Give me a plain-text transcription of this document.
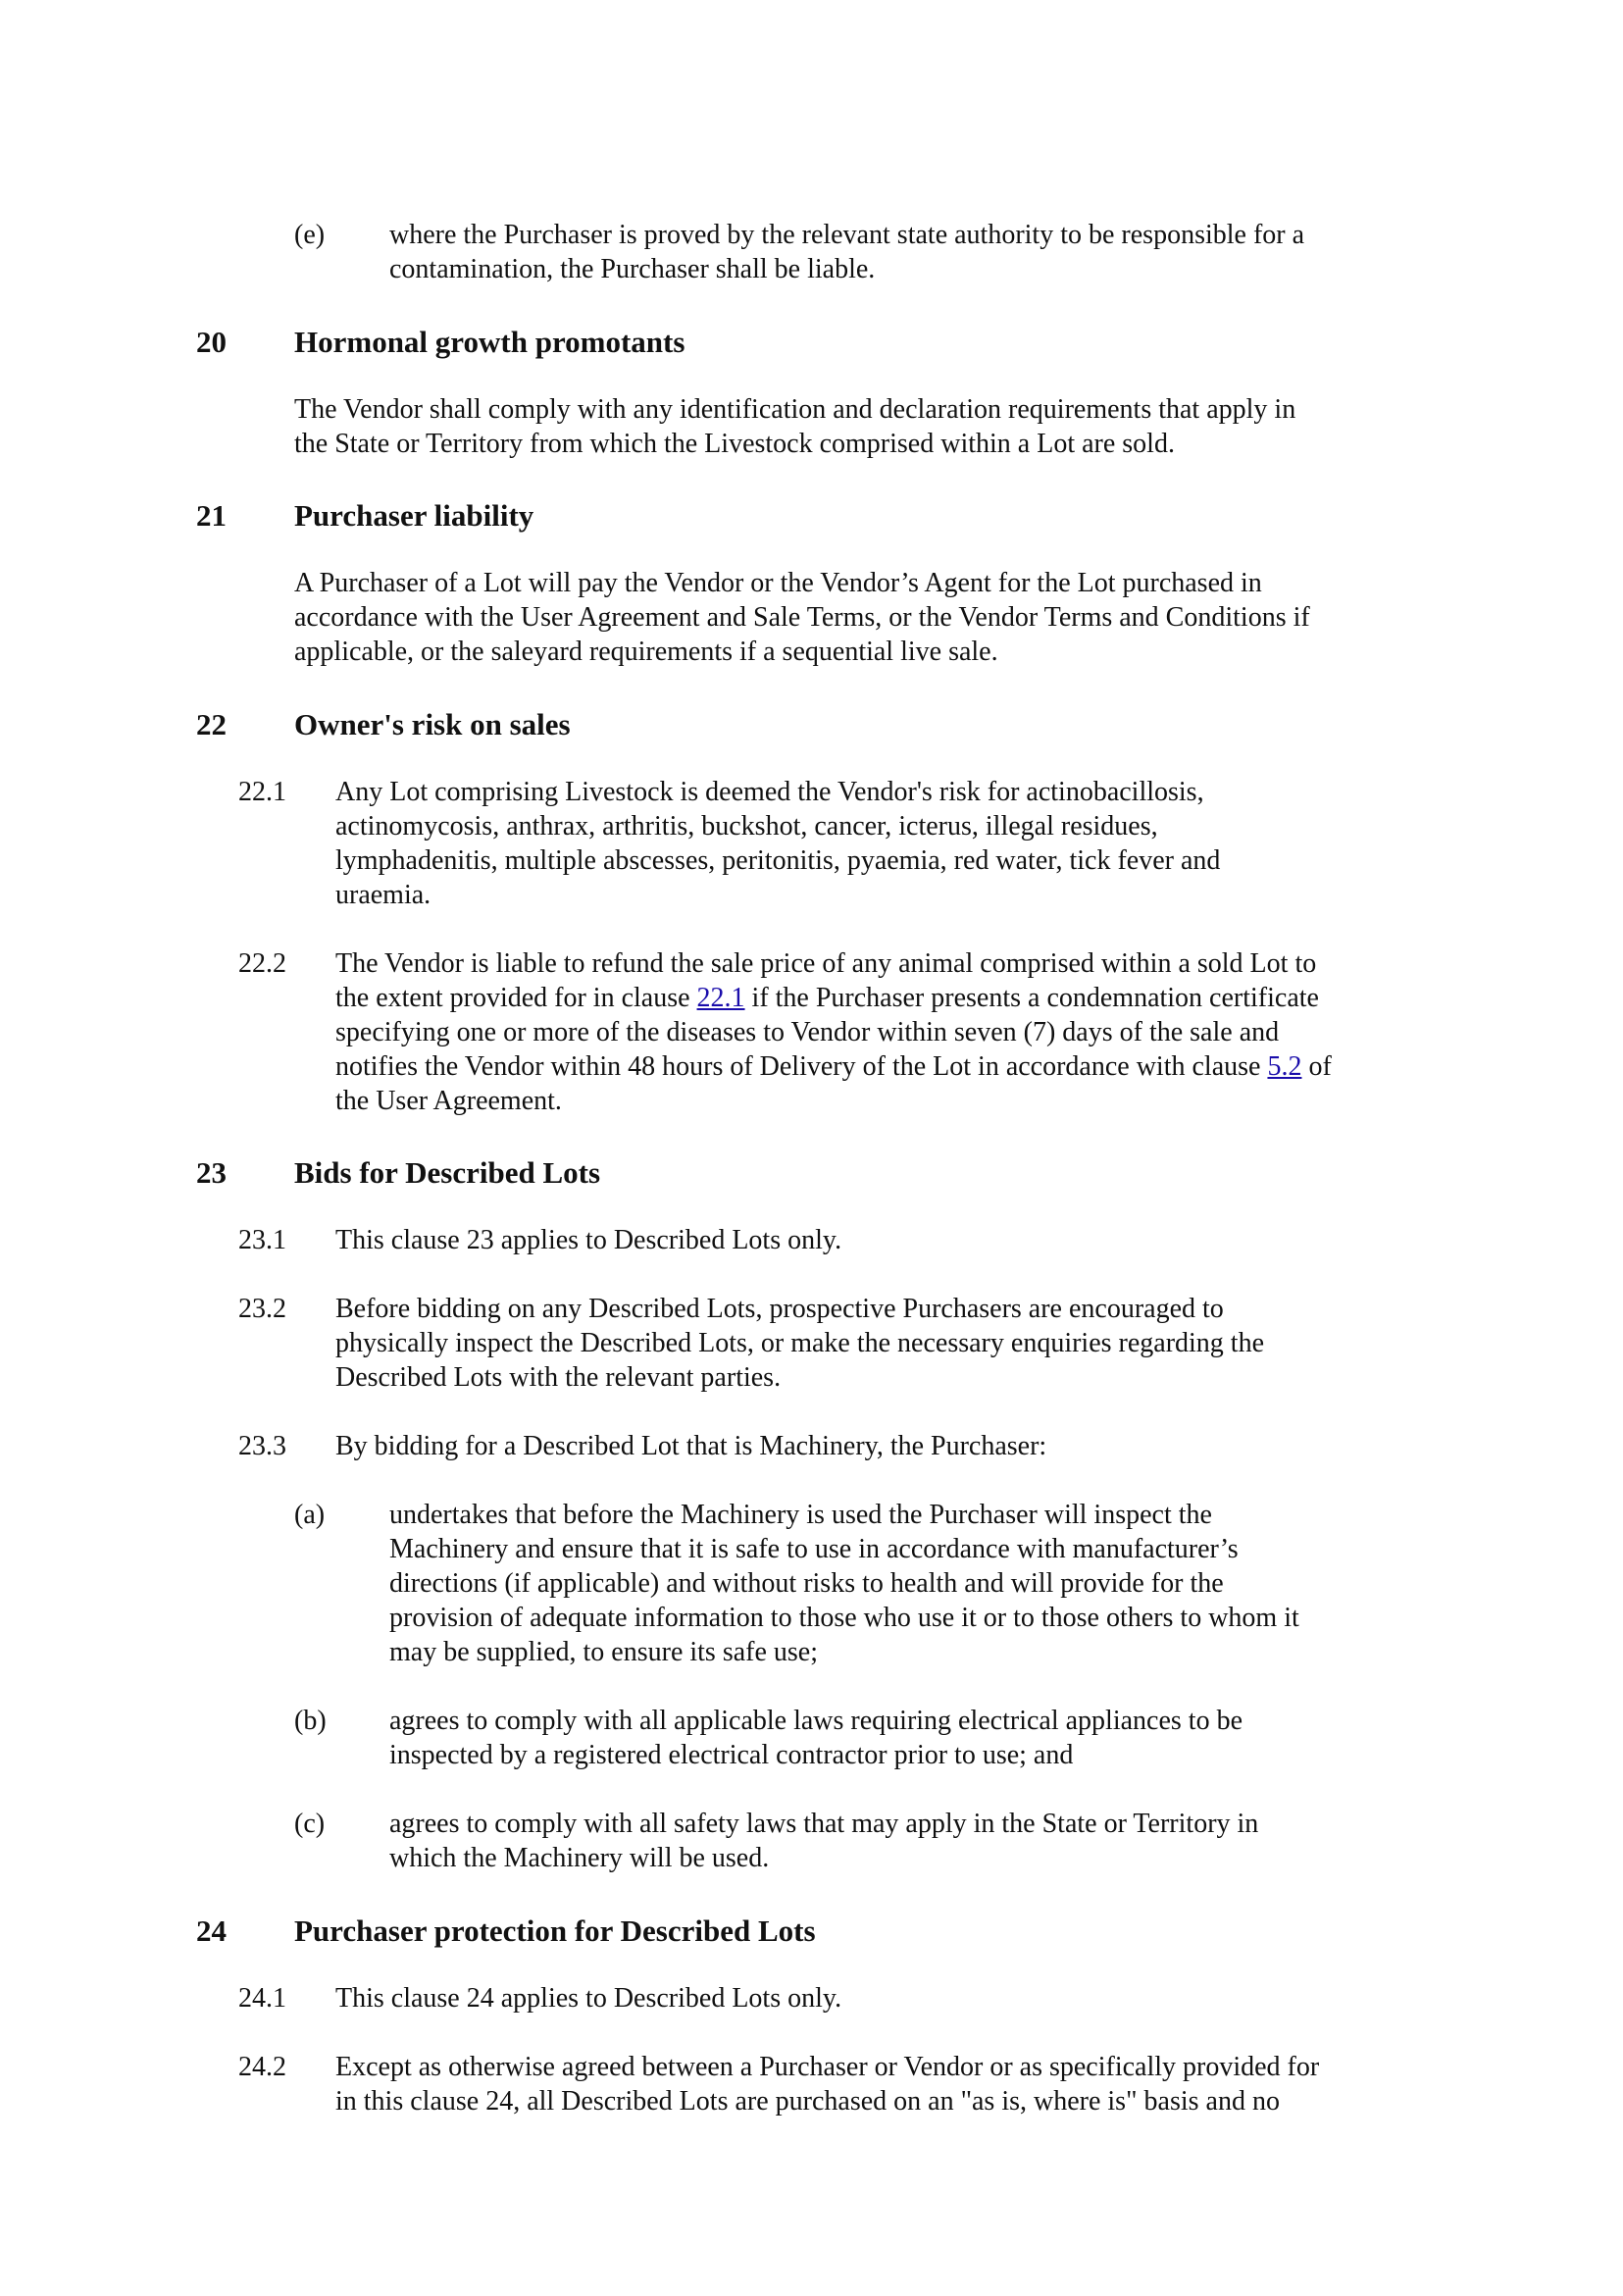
(e) where the Purchaser is proved by the relevant state authority to be responsible for a
contamination, the Purchaser shall be liable.
20 Hormonal growth promotants
The Vendor shall comply with any identification and declaration requirements that apply in
the State or Territory from which the Livestock comprised within a Lot are sold.
21 Purchaser liability
A Purchaser of a Lot will pay the Vendor or the Vendor’s Agent for the Lot purchased in
accordance with the User Agreement and Sale Terms, or the Vendor Terms and Conditions if
applicable, or the saleyard requirements if a sequential live sale.
22 Owner's risk on sales
22.1 Any Lot comprising Livestock is deemed the Vendor's risk for actinobacillosis,
actinomycosis, anthrax, arthritis, buckshot, cancer, icterus, illegal residues,
lymphadenitis, multiple abscesses, peritonitis, pyaemia, red water, tick fever and
uraemia.
22.2 The Vendor is liable to refund the sale price of any animal comprised within a sold Lot to
the extent provided for in clause 22.1 if the Purchaser presents a condemnation certificate
specifying one or more of the diseases to Vendor within seven (7) days of the sale and
notifies the Vendor within 48 hours of Delivery of the Lot in accordance with clause 5.2 of
the User Agreement.
23 Bids for Described Lots
23.1 This clause 23 applies to Described Lots only.
23.2 Before bidding on any Described Lots, prospective Purchasers are encouraged to
physically inspect the Described Lots, or make the necessary enquiries regarding the
Described Lots with the relevant parties.
23.3 By bidding for a Described Lot that is Machinery, the Purchaser:
(a) undertakes that before the Machinery is used the Purchaser will inspect the
Machinery and ensure that it is safe to use in accordance with manufacturer’s
directions (if applicable) and without risks to health and will provide for the
provision of adequate information to those who use it or to those others to whom it
may be supplied, to ensure its safe use;
(b) agrees to comply with all applicable laws requiring electrical appliances to be
inspected by a registered electrical contractor prior to use; and
(c) agrees to comply with all safety laws that may apply in the State or Territory in
which the Machinery will be used.
24 Purchaser protection for Described Lots
24.1 This clause 24 applies to Described Lots only.
24.2 Except as otherwise agreed between a Purchaser or Vendor or as specifically provided for
in this clause 24, all Described Lots are purchased on an "as is, where is" basis and no
